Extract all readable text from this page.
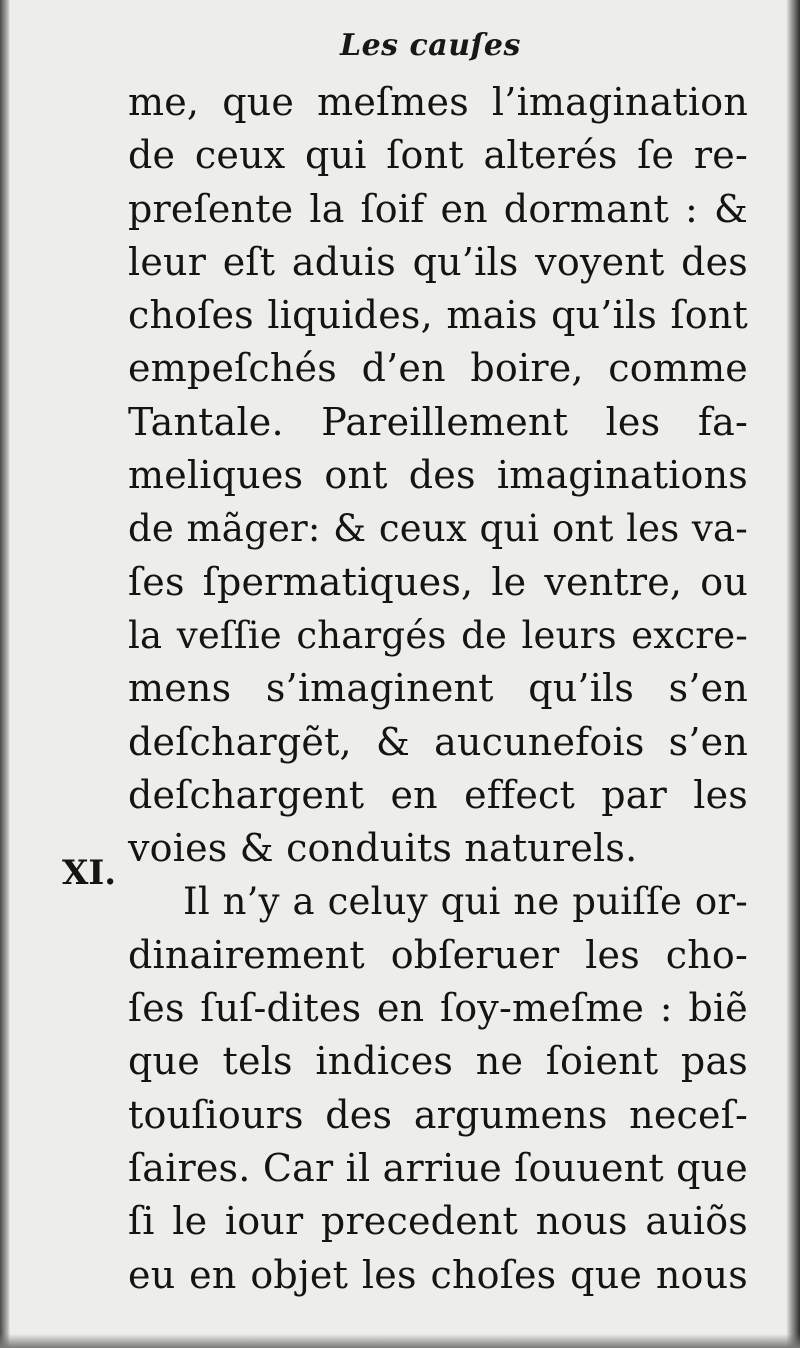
Les cauſes
XI.
me, que meſmes l’imagination
de ceux qui ſont alterés ſe re-
preſente la ſoif en dormant : &
leur eſt aduis qu’ils voyent des
choſes liquides, mais qu’ils ſont
empeſchés d’en boire, comme
Tantale. Pareillement les fa-
meliques ont des imaginations
de mãger: & ceux qui ont les va-
ſes ſpermatiques, le ventre, ou
la veſſie chargés de leurs excre-
mens s’imaginent qu’ils s’en
deſchargẽt, & aucunefois s’en
deſchargent en effect par les
voies & conduits naturels.
Il n’y a celuy qui ne puiſſe or-
dinairement obſeruer les cho-
ſes ſuſ-dites en ſoy-meſme : biẽ
que tels indices ne ſoient pas
touſiours des argumens neceſ-
ſaires. Car il arriue ſouuent que
ſi le iour precedent nous auiõs
eu en objet les choſes que nous
